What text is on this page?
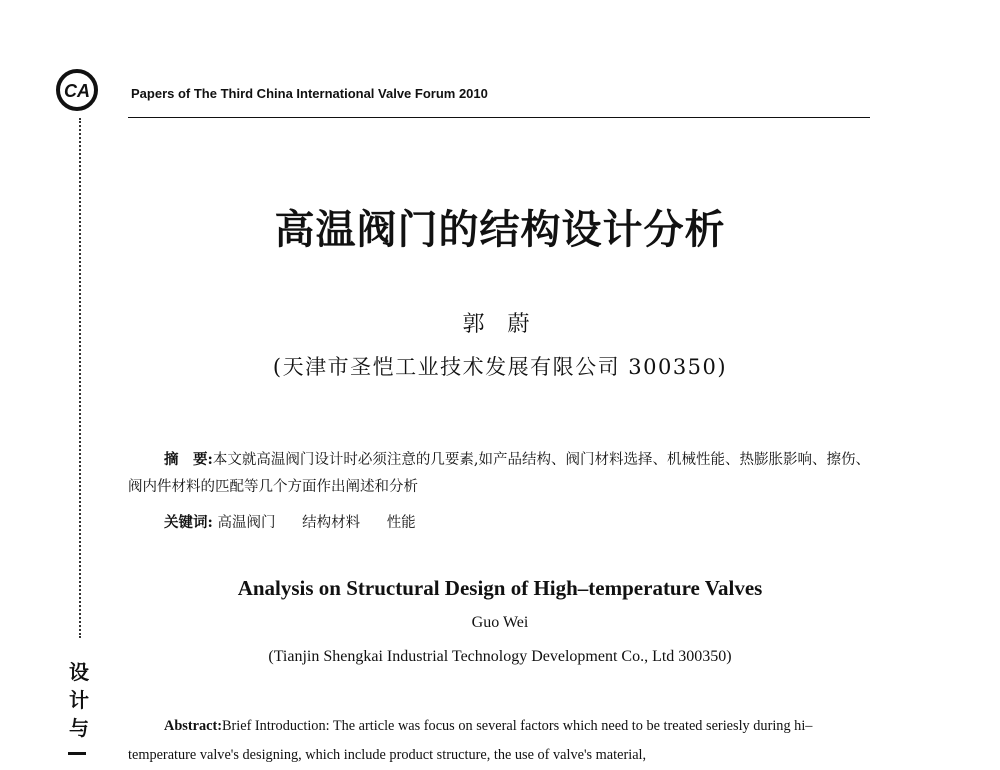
CA	Papers of The Third China International Valve Forum 2010
设
计
与
高温阀门的结构设计分析
郭 蔚
(天津市圣恺工业技术发展有限公司 300350)
摘　要:本文就高温阀门设计时必须注意的几要素,如产品结构、阀门材料选择、机械性能、热膨胀影响、擦伤、阀内件材料的匹配等几个方面作出阐述和分析
关键词: 高温阀门 结构材料 性能
Analysis on Structural Design of High–temperature Valves
Guo Wei
(Tianjin Shengkai Industrial Technology Development Co., Ltd 300350)
Abstract:Brief Introduction: The article was focus on several factors which need to be treated seriesly during hi–temperature valve's designing, which include product structure, the use of valve's material,
